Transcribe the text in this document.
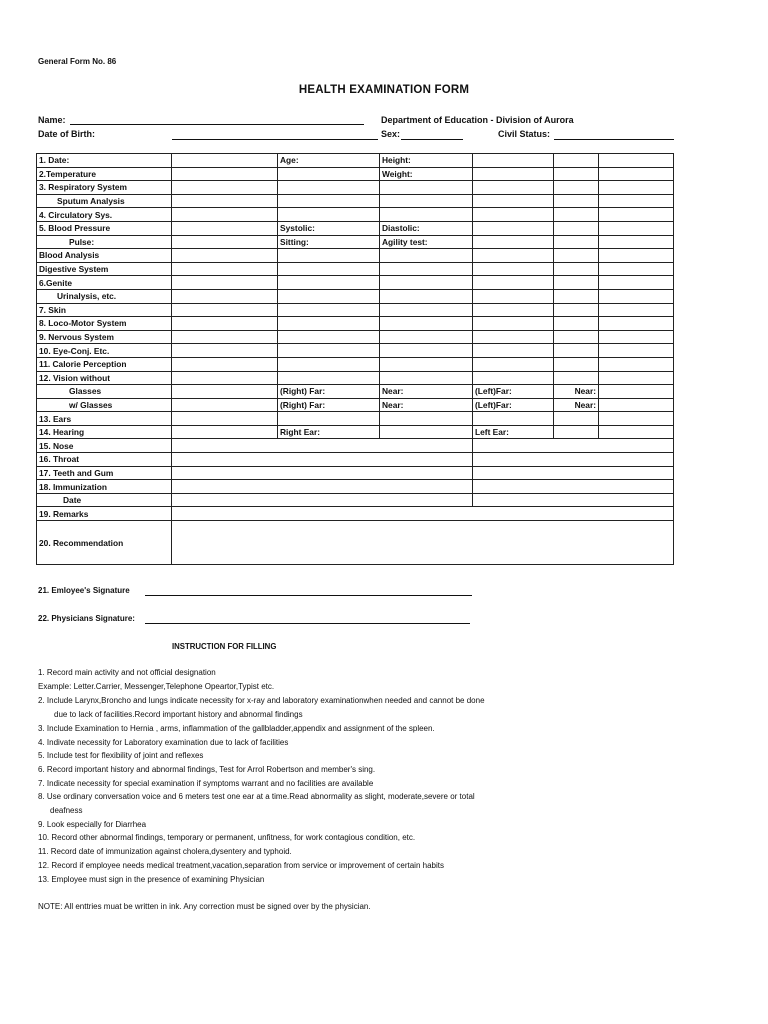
General Form No. 86
HEALTH EXAMINATION FORM
Name:	Department of Education - Division of Aurora
Date of Birth:	Sex:	Civil Status:
1. Date:		Age:	Height:			
2.Temperature			Weight:			
3. Respiratory System						
Sputum Analysis						
4. Circulatory Sys.						
5. Blood Pressure		Systolic:	Diastolic:			
Pulse:		Sitting:	Agility test:			
Blood Analysis						
Digestive System						
6.Genite						
Urinalysis, etc.						
7. Skin						
8. Loco-Motor System						
9. Nervous System						
10. Eye-Conj. Etc.						
11. Calorie Perception						
12. Vision without						
Glasses		(Right) Far:	Near:	(Left)Far:	Near:	
w/ Glasses		(Right) Far:	Near:	(Left)Far:	Near:	
13. Ears						
14. Hearing		Right Ear:		Left Ear:		
15. Nose						
16. Throat						
17. Teeth and Gum						
18. Immunization						
Date						
19. Remarks						
20. Recommendation						
21. Emloyee's Signature
22. Physicians Signature:
INSTRUCTION FOR FILLING
1. Record main activity and not official designation
Example: Letter.Carrier, Messenger,Telephone Opeartor,Typist etc.
2. Include Larynx,Broncho and lungs indicate necessity for x-ray and laboratory examinationwhen needed and cannot be done
due to lack of facilities.Record important history and abnormal findings
3. Include Examination to Hernia , arms, inflammation of the gallbladder,appendix and assignment of the spleen.
4. Indivate necessity for Laboratory examination due to lack of facilities
5. Include test for flexibility of joint and reflexes
6. Record important history and abnormal findings, Test for Arrol Robertson and member's sing.
7. Indicate necessity for special examination if symptoms warrant and no facilities are available
8. Use ordinary conversation voice and 6 meters test one ear at a time.Read abnormality as slight, moderate,severe or total
deafness
9. Look especially for Diarrhea
10. Record other abnormal findings, temporary or permanent, unfitness, for work contagious condition, etc.
11. Record date of immunization against cholera,dysentery and typhoid.
12. Record if employee needs medical treatment,vacation,separation from service or improvement of certain habits
13. Employee must sign in the presence of examining Physician
NOTE: All enttries muat be written in ink. Any correction must be signed over by the physician.
